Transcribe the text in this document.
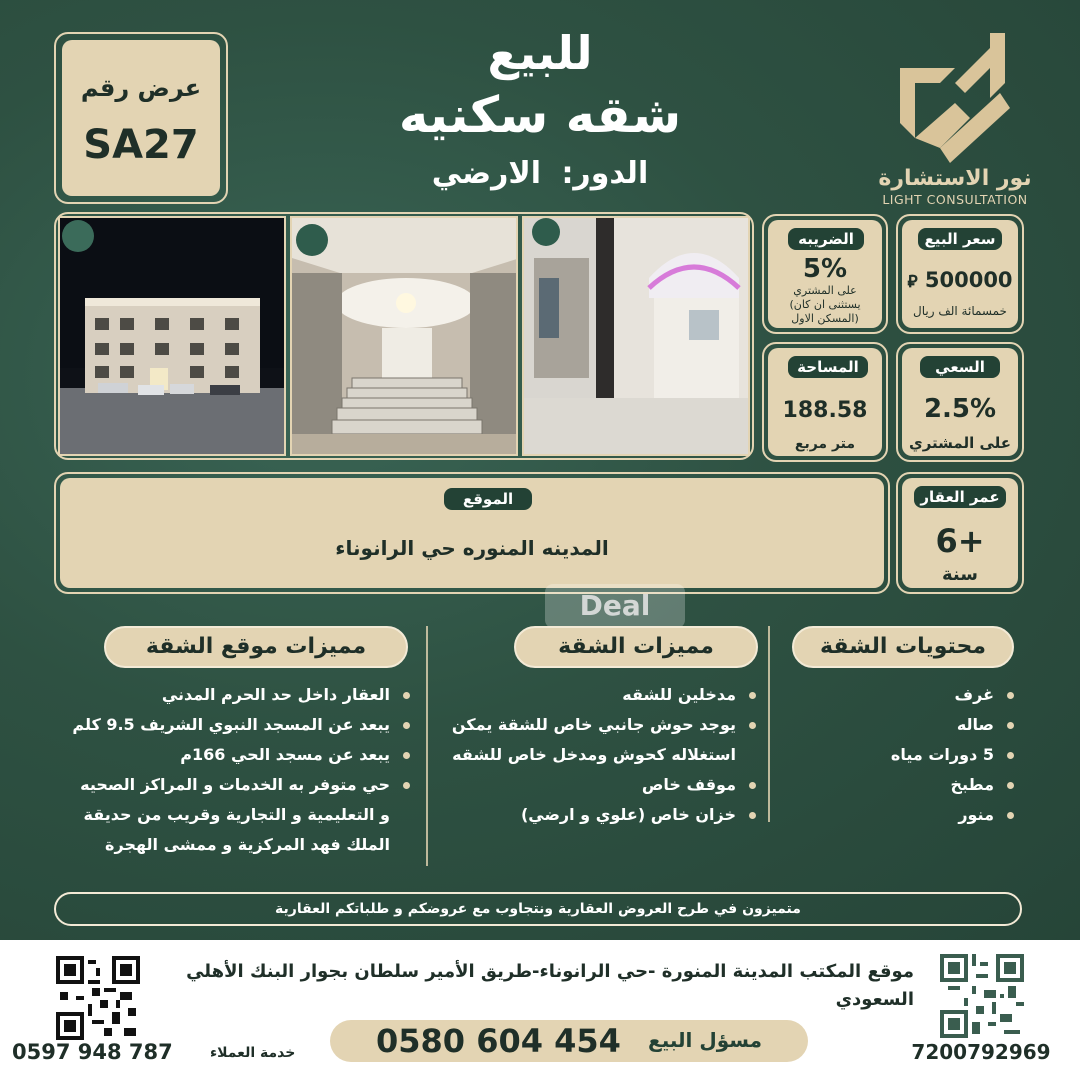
عرض رقم
SA27
للبيع
شقه سكنيه
الدور: الارضي	نور الاستشارة
LIGHT CONSULTATION
الضريبه
5%
على المشتري
(يستثنى ان كان
المسكن الاول)
سعر البيع
⃁ 500000
خمسمائة الف ريال
المساحة
188.58
متر مربع
السعي
2.5%
على المشتري
الموقع
المدينه المنوره حي الرانوناء
عمر العقار
+6
سنة
Deal
محتويات الشقة
غرف
صاله
5 دورات مياه
مطبخ
منور
مميزات الشقة
مدخلين للشقه
يوجد حوش جانبي خاص للشقة يمكن استغلاله كحوش ومدخل خاص للشقه
موقف خاص
خزان خاص (علوي و ارضي)
مميزات موقع الشقة
العقار داخل حد الحرم المدني
يبعد عن المسجد النبوي الشريف 9.5 كلم
يبعد عن مسجد الحي 166م
حي متوفر به الخدمات و المراكز الصحيه و التعليمية و التجارية وقريب من حديقة الملك فهد المركزية و ممشى الهجرة
متميزون في طرح العروض العقارية ونتجاوب مع عروضكم و طلباتكم العقارية
موقع المكتب المدينة المنورة -حي الرانوناء-طريق الأمير سلطان بجوار البنك الأهلي السعودي
مسؤل البيع
0580 604 454	7200792969
0597 948 787	خدمة العملاء
